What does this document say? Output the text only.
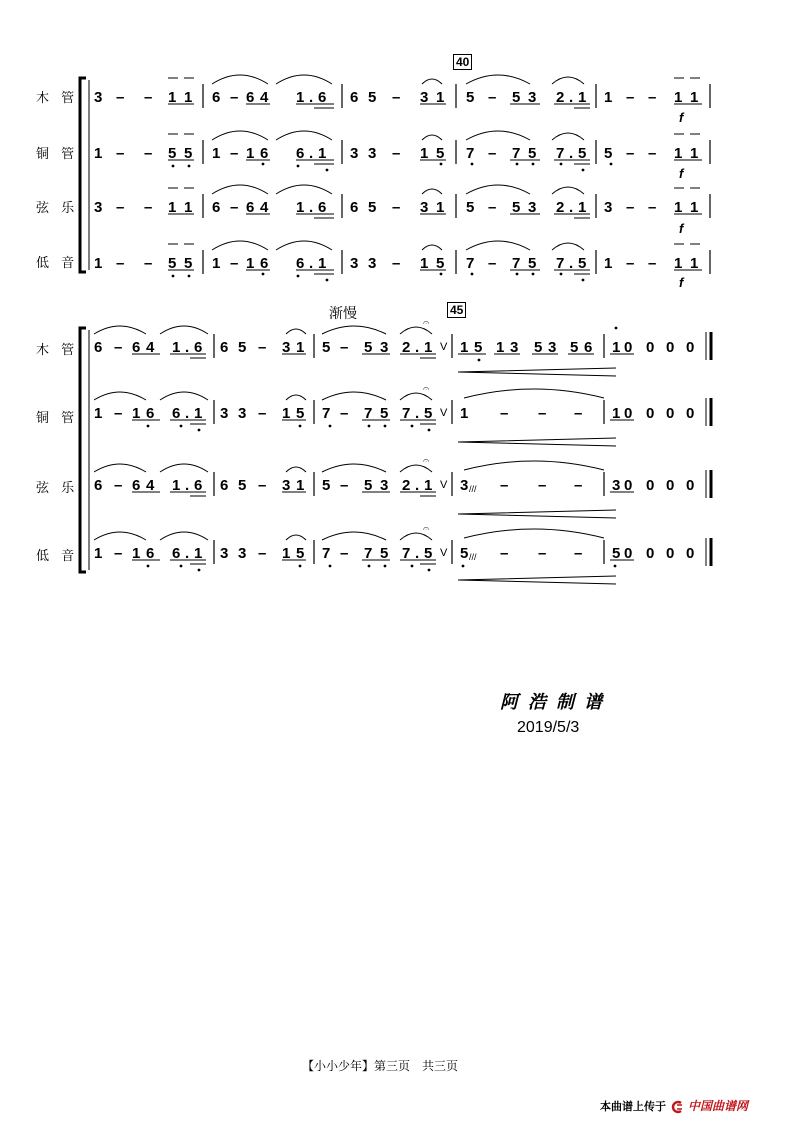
木 管
铜 管
弦 乐
低 音
40
3 – – 1 1 6 – 6 4 1 . 6 6 5 – 3 1 5 – 5 3 2 . 1 1 – – 1 1
1 – – 5 5 1 – 1 6 6 . 1 3 3 – 1 5 7 – 7 5 7 . 5 5 – – 1 1
3 – – 1 1 6 – 6 4 1 . 6 6 5 – 3 1 5 – 5 3 2 . 1 3 – – 1 1
1 – – 5 5 1 – 1 6 6 . 1 3 3 – 1 5 7 – 7 5 7 . 5 1 – – 1 1
f
f
f
f
木 管
铜 管
弦 乐
低 音
渐慢	45
𝄐
𝄐
𝄐
𝄐
6 – 6 4 1 . 6 6 5 – 3 1 5 – 5 3 2 . 1 V 1 5 1 3 5 3 5 6 1 0 0 0 0
1 – 1 6 6 . 1 3 3 – 1 5 7 – 7 5 7 . 5 V 1 – – – 1 0 0 0 0
6 – 6 4 1 . 6 6 5 – 3 1 5 – 5 3 2 . 1 V 3 /// – – – 3 0 0 0 0
1 – 1 6 6 . 1 3 3 – 1 5 7 – 7 5 7 . 5 V 5 /// – – – 5 0 0 0 0
阿浩制谱
2019/5/3
【小小少年】第三页　共三页
本曲谱上传于 中国曲谱网
